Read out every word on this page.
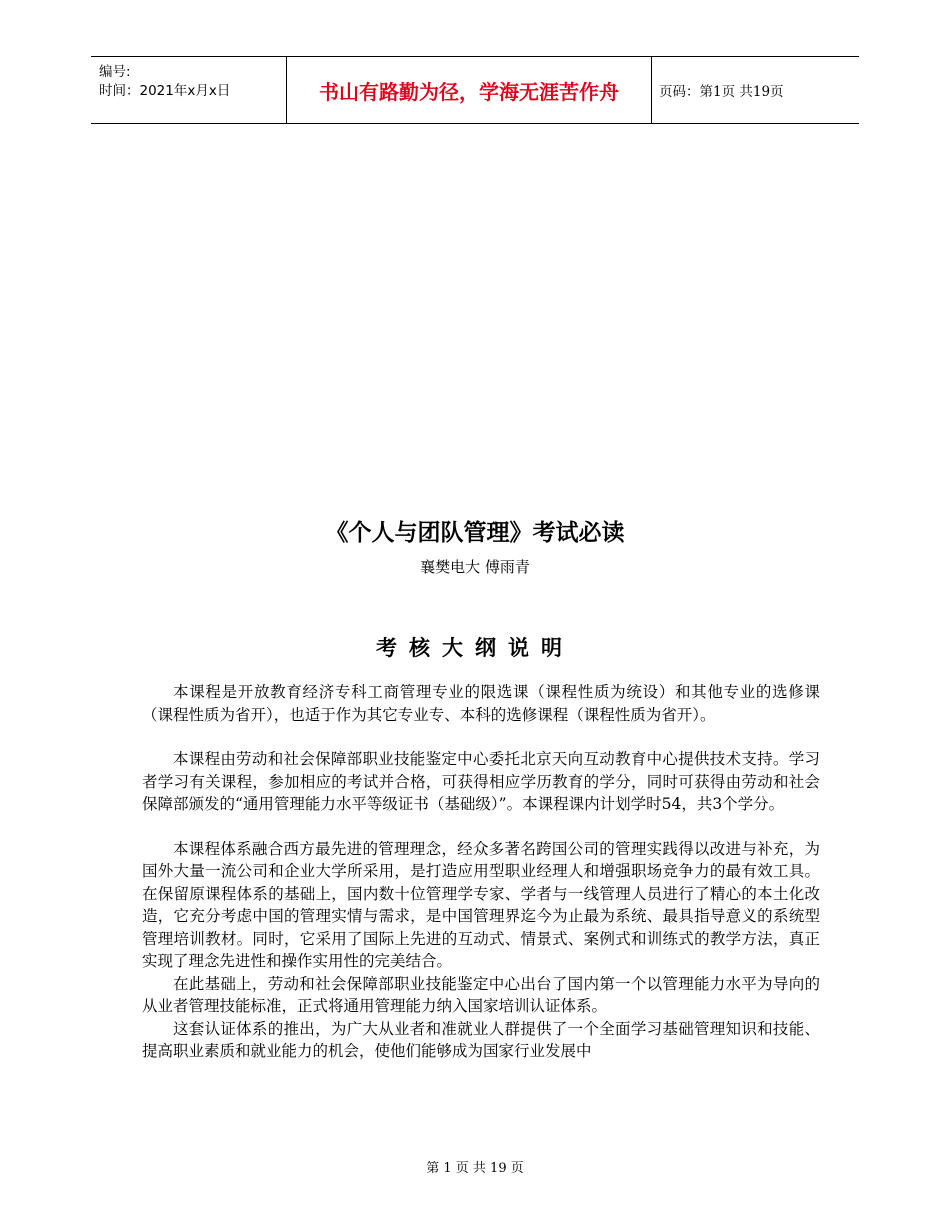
编号:
时间：2021年x月x日	书山有路勤为径，学海无涯苦作舟	页码：第1页 共19页
《个人与团队管理》考试必读
襄樊电大 傅雨青
考核大纲说明

本课程是开放教育经济专科工商管理专业的限选课（课程性质为统设）和其他专业的选修课（课程性质为省开），也适于作为其它专业专、本科的选修课程（课程性质为省开）。

本课程由劳动和社会保障部职业技能鉴定中心委托北京天向互动教育中心提供技术支持。学习者学习有关课程，参加相应的考试并合格，可获得相应学历教育的学分，同时可获得由劳动和社会保障部颁发的“通用管理能力水平等级证书（基础级）”。本课程课内计划学时54，共3个学分。

本课程体系融合西方最先进的管理理念，经众多著名跨国公司的管理实践得以改进与补充，为国外大量一流公司和企业大学所采用，是打造应用型职业经理人和增强职场竞争力的最有效工具。在保留原课程体系的基础上，国内数十位管理学专家、学者与一线管理人员进行了精心的本土化改造，它充分考虑中国的管理实情与需求，是中国管理界迄今为止最为系统、最具指导意义的系统型管理培训教材。同时，它采用了国际上先进的互动式、情景式、案例式和训练式的教学方法，真正实现了理念先进性和操作实用性的完美结合。

在此基础上，劳动和社会保障部职业技能鉴定中心出台了国内第一个以管理能力水平为导向的从业者管理技能标准，正式将通用管理能力纳入国家培训认证体系。

这套认证体系的推出，为广大从业者和准就业人群提供了一个全面学习基础管理知识和技能、提高职业素质和就业能力的机会，使他们能够成为国家行业发展中

第 1 页 共 19 页
